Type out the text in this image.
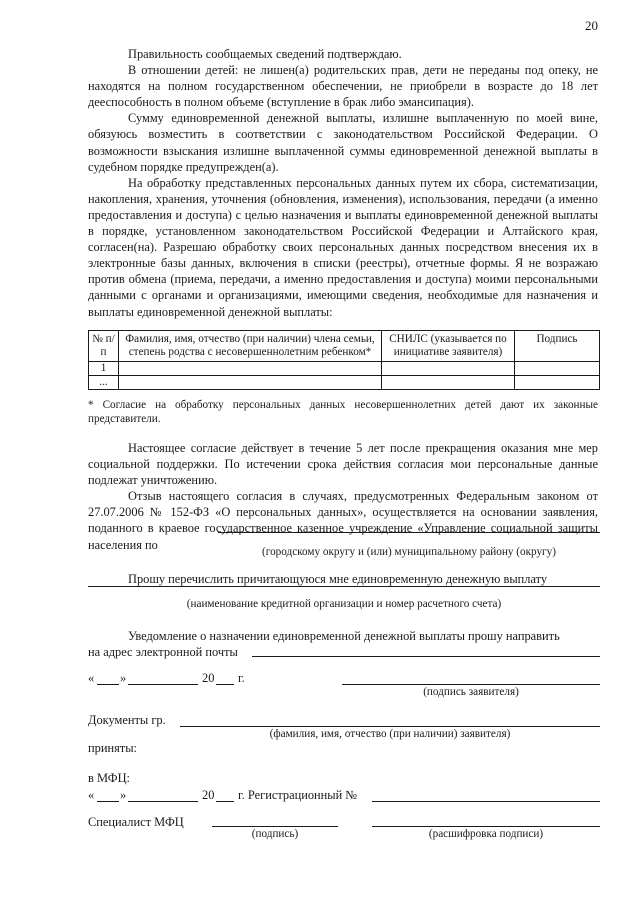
20

Правильность сообщаемых сведений подтверждаю.

В отношении детей: не лишен(а) родительских прав, дети не переданы под опеку, не находятся на полном государственном обеспечении, не приобрели в возрасте до 18 лет дееспособность в полном объеме (вступление в брак либо эмансипация).

Сумму единовременной денежной выплаты, излишне выплаченную по моей вине, обязуюсь возместить в соответствии с законодательством Российской Федерации. О возможности взыскания излишне выплаченной суммы единовременной денежной выплаты в судебном порядке предупрежден(а).

На обработку представленных персональных данных путем их сбора, систематизации, накопления, хранения, уточнения (обновления, изменения), использования, передачи (а именно предоставления и доступа) с целью назначения и выплаты единовременной денежной выплаты в порядке, установленном законодательством Российской Федерации и Алтайского края, согласен(на). Разрешаю обработку своих персональных данных посредством внесения их в электронные базы данных, включения в списки (реестры), отчетные формы. Я не возражаю против обмена (приема, передачи, а именно предоставления и доступа) моими персональными данными с органами и организациями, имеющими сведения, необходимые для назначения и выплаты единовременной денежной выплаты:

№ п/п	Фамилия, имя, отчество (при наличии) члена семьи, степень родства с несовершеннолетним ребенком*	СНИЛС (указывается по инициативе заявителя)	Подпись
1			
...			
* Согласие на обработку персональных данных несовершеннолетних детей дают их законные представители.

Настоящее согласие действует в течение 5 лет после прекращения оказания мне мер социальной поддержки. По истечении срока действия согласия мои персональные данные подлежат уничтожению.

Отзыв настоящего согласия в случаях, предусмотренных Федеральным законом от 27.07.2006 № 152-ФЗ «О персональных данных», осуществляется на основании заявления, поданного в краевое государственное казенное учреждение «Управление социальной защиты населения по

(городскому округу и (или) муниципальному району (округу)
Прошу перечислить причитающуюся мне единовременную денежную выплату
(наименование кредитной организации и номер расчетного счета)

Уведомление о назначении единовременной денежной выплаты прошу направить

на адрес электронной почты

« »	20 г.
(подпись заявителя)
Документы гр.
(фамилия, имя, отчество (при наличии) заявителя)
приняты:
в МФЦ:
« »	20 г. Регистрационный №
Специалист МФЦ
(подпись)	(расшифровка подписи)
